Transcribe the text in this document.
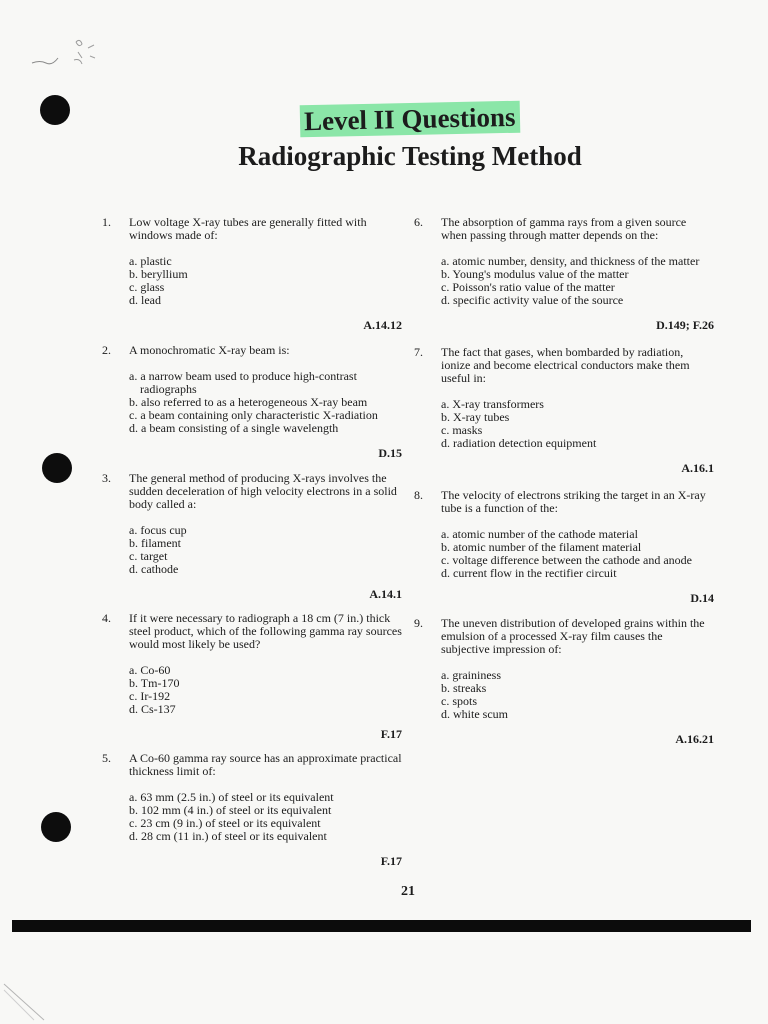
Level II Questions
Radiographic Testing Method
1.	Low voltage X-ray tubes are generally fitted with windows made of:
a. plastic
b. beryllium
c. glass
d. lead
A.14.12
2.	A monochromatic X-ray beam is:
a. a narrow beam used to produce high-contrast radiographs
b. also referred to as a heterogeneous X-ray beam
c. a beam containing only characteristic X-radiation
d. a beam consisting of a single wavelength
D.15
3.	The general method of producing X-rays involves the sudden deceleration of high velocity electrons in a solid body called a:
a. focus cup
b. filament
c. target
d. cathode
A.14.1
4.	If it were necessary to radiograph a 18 cm (7 in.) thick steel product, which of the following gamma ray sources would most likely be used?
a. Co-60
b. Tm-170
c. Ir-192
d. Cs-137
F.17
5.	A Co-60 gamma ray source has an approximate practical thickness limit of:
a. 63 mm (2.5 in.) of steel or its equivalent
b. 102 mm (4 in.) of steel or its equivalent
c. 23 cm (9 in.) of steel or its equivalent
d. 28 cm (11 in.) of steel or its equivalent
F.17
6.	The absorption of gamma rays from a given source when passing through matter depends on the:
a. atomic number, density, and thickness of the matter
b. Young's modulus value of the matter
c. Poisson's ratio value of the matter
d. specific activity value of the source
D.149; F.26
7.	The fact that gases, when bombarded by radiation, ionize and become electrical conductors make them useful in:
a. X-ray transformers
b. X-ray tubes
c. masks
d. radiation detection equipment
A.16.1
8.	The velocity of electrons striking the target in an X-ray tube is a function of the:
a. atomic number of the cathode material
b. atomic number of the filament material
c. voltage difference between the cathode and anode
d. current flow in the rectifier circuit
D.14
9.	The uneven distribution of developed grains within the emulsion of a processed X-ray film causes the subjective impression of:
a. graininess
b. streaks
c. spots
d. white scum
A.16.21
21
